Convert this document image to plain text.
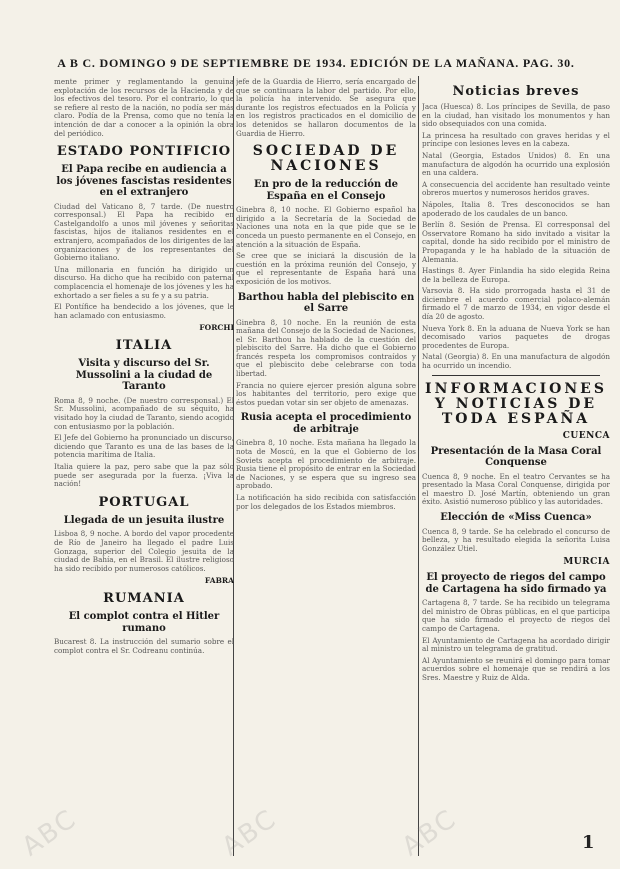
A B C. DOMINGO 9 DE SEPTIEMBRE DE 1934. EDICIÓN DE LA MAÑANA. PAG. 30.

mente primer y reglamentando la genuina explotación de los recursos de la Hacienda y de los efectivos del tesoro. Por el contrario, lo que se refiere al resto de la nación, no podía ser más claro. Podía de la Prensa, como que no tenía la intención de dar a conocer a la opinión la obra del periódico.

ESTADO PONTIFICIO
El Papa recibe en audiencia a los jóvenes fascistas residentes en el extranjero

Ciudad del Vaticano 8, 7 tarde. (De nuestro corresponsal.) El Papa ha recibido en Castelgandolfo a unos mil jóvenes y señoritas fascistas, hijos de italianos residentes en el extranjero, acompañados de los dirigentes de las organizaciones y de los representantes del Gobierno italiano.

Una millonaria en función ha dirigido un discurso. Ha dicho que ha recibido con paternal complacencia el homenaje de los jóvenes y les ha exhortado a ser fieles a su fe y a su patria.

El Pontífice ha bendecido a los jóvenes, que le han aclamado con entusiasmo.

FORCHI
ITALIA
Visita y discurso del Sr. Mussolini a la ciudad de Taranto

Roma 8, 9 noche. (De nuestro corresponsal.) El Sr. Mussolini, acompañado de su séquito, ha visitado hoy la ciudad de Taranto, siendo acogido con entusiasmo por la población.

El Jefe del Gobierno ha pronunciado un discurso, diciendo que Taranto es una de las bases de la potencia marítima de Italia.

Italia quiere la paz, pero sabe que la paz sólo puede ser asegurada por la fuerza. ¡Viva la nación!

PORTUGAL
Llegada de un jesuita ilustre

Lisboa 8, 9 noche. A bordo del vapor procedente de Río de Janeiro ha llegado el padre Luis Gonzaga, superior del Colegio jesuita de la ciudad de Bahía, en el Brasil. El ilustre religioso ha sido recibido por numerosos católicos.

FABRA
RUMANIA
El complot contra el Hitler rumano

Bucarest 8. La instrucción del sumario sobre el complot contra el Sr. Codreanu continúa.

jefe de la Guardia de Hierro, sería encargado de que se continuara la labor del partido. Por ello, la policía ha intervenido. Se asegura que durante los registros efectuados en la Policía y en los registros practicados en el domicilio de los detenidos se hallaron documentos de la Guardia de Hierro.

SOCIEDAD DE NACIONES
En pro de la reducción de España en el Consejo

Ginebra 8, 10 noche. El Gobierno español ha dirigido a la Secretaría de la Sociedad de Naciones una nota en la que pide que se le conceda un puesto permanente en el Consejo, en atención a la situación de España.

Se cree que se iniciará la discusión de la cuestión en la próxima reunión del Consejo, y que el representante de España hará una exposición de los motivos.

Barthou habla del plebiscito en el Sarre

Ginebra 8, 10 noche. En la reunión de esta mañana del Consejo de la Sociedad de Naciones, el Sr. Barthou ha hablado de la cuestión del plebiscito del Sarre. Ha dicho que el Gobierno francés respeta los compromisos contraídos y que el plebiscito debe celebrarse con toda libertad.

Francia no quiere ejercer presión alguna sobre los habitantes del territorio, pero exige que éstos puedan votar sin ser objeto de amenazas.

Rusia acepta el procedimiento de arbitraje

Ginebra 8, 10 noche. Esta mañana ha llegado la nota de Moscú, en la que el Gobierno de los Soviets acepta el procedimiento de arbitraje. Rusia tiene el propósito de entrar en la Sociedad de Naciones, y se espera que su ingreso sea aprobado.

La notificación ha sido recibida con satisfacción por los delegados de los Estados miembros.

Noticias breves

Jaca (Huesca) 8. Los príncipes de Sevilla, de paso en la ciudad, han visitado los monumentos y han sido obsequiados con una comida.

La princesa ha resultado con graves heridas y el príncipe con lesiones leves en la cabeza.

Natal (Georgia, Estados Unidos) 8. En una manufactura de algodón ha ocurrido una explosión en una caldera.

A consecuencia del accidente han resultado veinte obreros muertos y numerosos heridos graves.

Nápoles, Italia 8. Tres desconocidos se han apoderado de los caudales de un banco.

Berlín 8. Sesión de Prensa. El corresponsal del Osservatore Romano ha sido invitado a visitar la capital, donde ha sido recibido por el ministro de Propaganda y le ha hablado de la situación de Alemania.

Hastings 8. Ayer Finlandia ha sido elegida Reina de la belleza de Europa.

Varsovia 8. Ha sido prorrogada hasta el 31 de diciembre el acuerdo comercial polaco-alemán firmado el 7 de marzo de 1934, en vigor desde el día 20 de agosto.

Nueva York 8. En la aduana de Nueva York se han decomisado varios paquetes de drogas procedentes de Europa.

Natal (Georgia) 8. En una manufactura de algodón ha ocurrido un incendio.

INFORMACIONES Y NOTICIAS DE TODA ESPAÑA
CUENCA
Presentación de la Masa Coral Conquense

Cuenca 8, 9 noche. En el teatro Cervantes se ha presentado la Masa Coral Conquense, dirigida por el maestro D. José Martín, obteniendo un gran éxito. Asistió numeroso público y las autoridades.

Elección de «Miss Cuenca»

Cuenca 8, 9 tarde. Se ha celebrado el concurso de belleza, y ha resultado elegida la señorita Luisa González Utiel.

MURCIA
El proyecto de riegos del campo de Cartagena ha sido firmado ya

Cartagena 8, 7 tarde. Se ha recibido un telegrama del ministro de Obras públicas, en el que participa que ha sido firmado el proyecto de riegos del campo de Cartagena.

El Ayuntamiento de Cartagena ha acordado dirigir al ministro un telegrama de gratitud.

Al Ayuntamiento se reunirá el domingo para tomar acuerdos sobre el homenaje que se rendirá a los Sres. Maestre y Ruiz de Alda.

ABC	ABC	ABC	1
